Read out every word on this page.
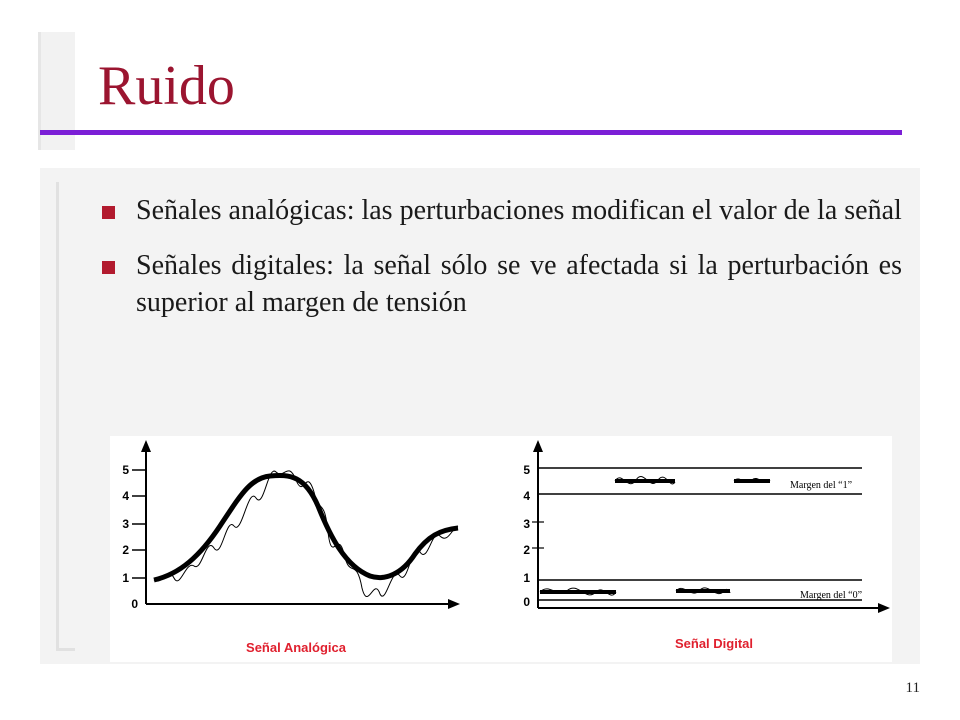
Ruido
Señales analógicas: las perturbaciones modifican el valor de la señal
Señales digitales: la señal sólo se ve afectada si la perturbación es superior al margen de tensión
0
1
2
3
4
5
Señal Analógica
0
1
2
3
4
5
Margen del “1”
Margen del “0”
Señal Digital
11
